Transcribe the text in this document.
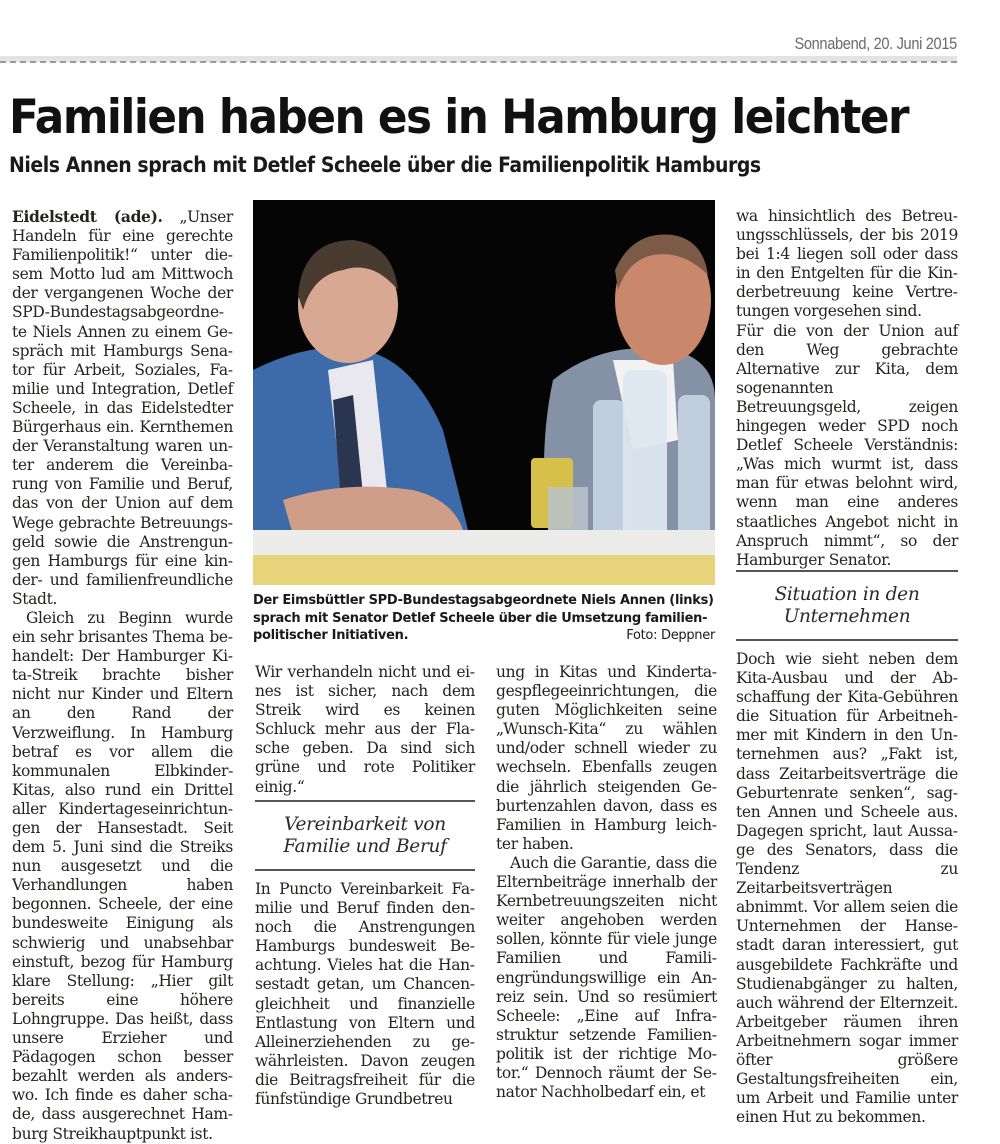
Sonnabend, 20. Juni 2015
Familien haben es in Hamburg leichter
Niels Annen sprach mit Detlef Scheele über die Familienpolitik Hamburgs

Eidelstedt (ade). „Unser Handeln für eine gerechte Familienpolitik!“ unter diesem Motto lud am Mittwoch der vergangenen Woche der SPD-Bundestagsabgeordnete Niels Annen zu einem Gespräch mit Hamburgs Senator für Arbeit, Soziales, Familie und Integration, Detlef Scheele, in das Eidelstedter Bürgerhaus ein. Kernthemen der Veranstaltung waren unter anderem die Vereinbarung von Familie und Beruf, das von der Union auf dem Wege gebrachte Betreuungsgeld sowie die Anstrengungen Hamburgs für eine kinder- und familienfreundliche Stadt.

Gleich zu Beginn wurde ein sehr brisantes Thema behandelt: Der Hamburger Kita-Streik brachte bisher nicht nur Kinder und Eltern an den Rand der Verzweiflung. In Hamburg betraf es vor allem die kommunalen Elbkinder-Kitas, also rund ein Drittel aller Kindertageseinrichtungen der Hansestadt. Seit dem 5. Juni sind die Streiks nun ausgesetzt und die Verhandlungen haben begonnen. Scheele, der eine bundesweite Einigung als schwierig und unabsehbar einstuft, bezog für Hamburg klare Stellung: „Hier gilt bereits eine höhere Lohngruppe. Das heißt, dass unsere Erzieher und Pädagogen schon besser bezahlt werden als anderswo. Ich finde es daher schade, dass ausgerechnet Hamburg Streikhauptpunkt ist.

Der Eimsbüttler SPD-Bundestagsabgeordnete Niels Annen (links) sprach mit Senator Detlef Scheele über die Umsetzung familienpolitischer Initiativen.	Foto: Deppner

Wir verhandeln nicht und eines ist sicher, nach dem Streik wird es keinen Schluck mehr aus der Flasche geben. Da sind sich grüne und rote Politiker einig.“

Vereinbarkeit von Familie und Beruf

In Puncto Vereinbarkeit Familie und Beruf finden dennoch die Anstrengungen Hamburgs bundesweit Beachtung. Vieles hat die Hansestadt getan, um Chancengleichheit und finanzielle Entlastung von Eltern und Alleinerziehenden zu gewährleisten. Davon zeugen die Beitragsfreiheit für die fünfstündige Grundbetreu

ung in Kitas und Kindertagespflegeeinrichtungen, die guten Möglichkeiten seine „Wunsch-Kita“ zu wählen und/oder schnell wieder zu wechseln. Ebenfalls zeugen die jährlich steigenden Geburtenzahlen davon, dass es Familien in Hamburg leichter haben.

Auch die Garantie, dass die Elternbeiträge innerhalb der Kernbetreuungszeiten nicht weiter angehoben werden sollen, könnte für viele junge Familien und Familiengründungswillige ein Anreiz sein. Und so resümiert Scheele: „Eine auf Infrastruktur setzende Familienpolitik ist der richtige Motor.“ Dennoch räumt der Senator Nachholbedarf ein, et

wa hinsichtlich des Betreuungsschlüssels, der bis 2019 bei 1:4 liegen soll oder dass in den Entgelten für die Kinderbetreuung keine Vertretungen vorgesehen sind.

Für die von der Union auf den Weg gebrachte Alternative zur Kita, dem sogenannten Betreuungsgeld, zeigen hingegen weder SPD noch Detlef Scheele Verständnis: „Was mich wurmt ist, dass man für etwas belohnt wird, wenn man eine anderes staatliches Angebot nicht in Anspruch nimmt“, so der Hamburger Senator.

Situation in den Unternehmen

Doch wie sieht neben dem Kita-Ausbau und der Abschaffung der Kita-Gebühren die Situation für Arbeitnehmer mit Kindern in den Unternehmen aus? „Fakt ist, dass Zeitarbeitsverträge die Geburtenrate senken“, sagten Annen und Scheele aus. Dagegen spricht, laut Aussage des Senators, dass die Tendenz zu Zeitarbeitsverträgen abnimmt. Vor allem seien die Unternehmen der Hansestadt daran interessiert, gut ausgebildete Fachkräfte und Studienabgänger zu halten, auch während der Elternzeit. Arbeitgeber räumen ihren Arbeitnehmern sogar immer öfter größere Gestaltungsfreiheiten ein, um Arbeit und Familie unter einen Hut zu bekommen.
